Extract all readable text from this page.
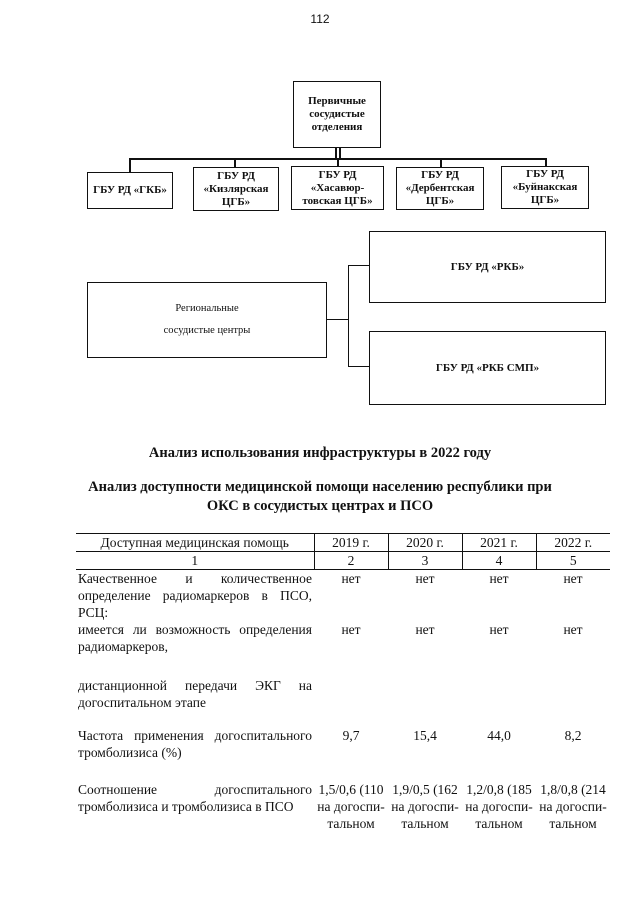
112
Первичные
сосудистые
отделения
ГБУ РД «ГКБ»
ГБУ РД
«Кизлярская
ЦГБ»
ГБУ РД
«Хасавюр-
товская ЦГБ»
ГБУ РД
«Дербентская
ЦГБ»
ГБУ РД
«Буйнакская
ЦГБ»
ГБУ РД «РКБ»
Региональные
сосудистые центры
ГБУ РД «РКБ СМП»
Анализ использования инфраструктуры в 2022 году
Анализ доступности медицинской помощи населению республики при
ОКС в сосудистых центрах и ПСО
Доступная медицинская помощь	2019 г.	2020 г.	2021 г.	2022 г.
1	2	3	4	5
Качественное и количественное определение радиомаркеров в ПСО, РСЦ:	нет	нет	нет	нет
имеется ли возможность определения радиомаркеров,	нет	нет	нет	нет

дистанционной передачи ЭКГ на догоспитальном этапе				

Частота применения догоспитального тромболизиса (%)	9,7	15,4	44,0	8,2

Соотношение догоспитального тромболизиса и тромболизиса в ПСО	1,5/0,6 (110 на догоспи-тальном	1,9/0,5 (162 на догоспи-тальном	1,2/0,8 (185 на догоспи-тальном	1,8/0,8 (214 на догоспи-тальном
